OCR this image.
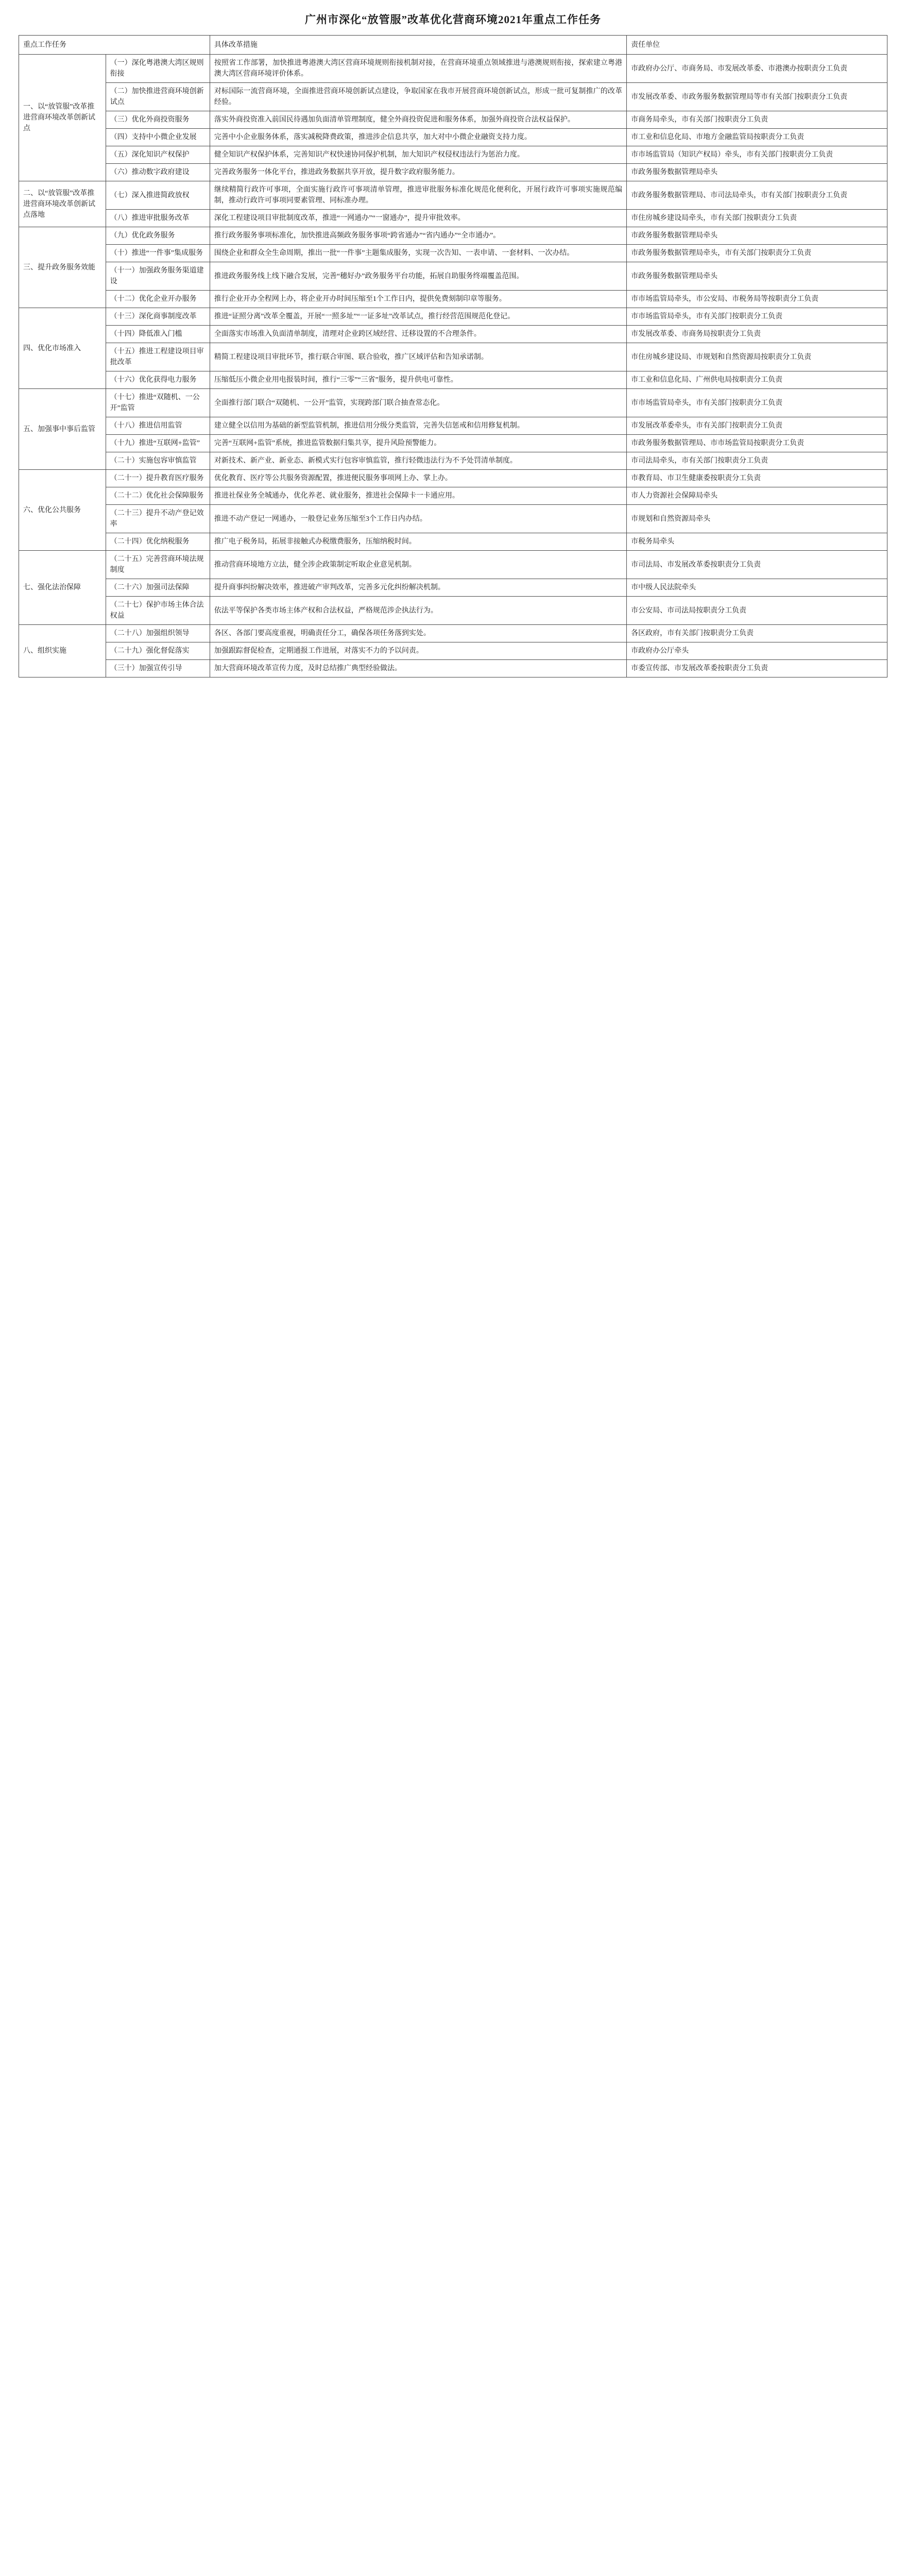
广州市深化“放管服”改革优化营商环境2021年重点工作任务
重点工作任务		具体改革措施	责任单位
一、以“放管服”改革推进营商环境改革创新试点	（一）深化粤港澳大湾区规则衔接	按照省工作部署，加快推进粤港澳大湾区营商环境规则衔接机制对接，在营商环境重点领域推进与港澳规则衔接，探索建立粤港澳大湾区营商环境评价体系。	市政府办公厅、市商务局、市发展改革委、市港澳办按职责分工负责
	（二）加快推进营商环境创新试点	对标国际一流营商环境，全面推进营商环境创新试点建设，争取国家在我市开展营商环境创新试点，形成一批可复制推广的改革经验。	市发展改革委、市政务服务数据管理局等市有关部门按职责分工负责
	（三）优化外商投资服务	落实外商投资准入前国民待遇加负面清单管理制度，健全外商投资促进和服务体系，加强外商投资合法权益保护。	市商务局牵头，市有关部门按职责分工负责
	（四）支持中小微企业发展	完善中小企业服务体系，落实减税降费政策，推进涉企信息共享，加大对中小微企业融资支持力度。	市工业和信息化局、市地方金融监管局按职责分工负责
	（五）深化知识产权保护	健全知识产权保护体系，完善知识产权快速协同保护机制，加大知识产权侵权违法行为惩治力度。	市市场监管局（知识产权局）牵头，市有关部门按职责分工负责
	（六）推动数字政府建设	完善政务服务一体化平台，推进政务数据共享开放，提升数字政府服务能力。	市政务服务数据管理局牵头
二、以“放管服”改革推进营商环境改革创新试点落地	（七）深入推进简政放权	继续精简行政许可事项，全面实施行政许可事项清单管理，推进审批服务标准化规范化便利化，开展行政许可事项实施规范编制，推动行政许可事项同要素管理、同标准办理。	市政务服务数据管理局、市司法局牵头，市有关部门按职责分工负责
	（八）推进审批服务改革	深化工程建设项目审批制度改革，推进“一网通办”“一窗通办”，提升审批效率。	市住房城乡建设局牵头，市有关部门按职责分工负责
三、提升政务服务效能	（九）优化政务服务	推行政务服务事项标准化，加快推进高频政务服务事项“跨省通办”“省内通办”“全市通办”。	市政务服务数据管理局牵头
	（十）推进“一件事”集成服务	围绕企业和群众全生命周期，推出一批“一件事”主题集成服务，实现一次告知、一表申请、一套材料、一次办结。	市政务服务数据管理局牵头，市有关部门按职责分工负责
	（十一）加强政务服务渠道建设	推进政务服务线上线下融合发展，完善“穗好办”政务服务平台功能，拓展自助服务终端覆盖范围。	市政务服务数据管理局牵头
	（十二）优化企业开办服务	推行企业开办全程网上办，将企业开办时间压缩至1个工作日内，提供免费刻制印章等服务。	市市场监管局牵头，市公安局、市税务局等按职责分工负责
四、优化市场准入	（十三）深化商事制度改革	推进“证照分离”改革全覆盖，开展“一照多址”“一证多址”改革试点，推行经营范围规范化登记。	市市场监管局牵头，市有关部门按职责分工负责
	（十四）降低准入门槛	全面落实市场准入负面清单制度，清理对企业跨区域经营、迁移设置的不合理条件。	市发展改革委、市商务局按职责分工负责
	（十五）推进工程建设项目审批改革	精简工程建设项目审批环节，推行联合审图、联合验收，推广区域评估和告知承诺制。	市住房城乡建设局、市规划和自然资源局按职责分工负责
	（十六）优化获得电力服务	压缩低压小微企业用电报装时间，推行“三零”“三省”服务，提升供电可靠性。	市工业和信息化局、广州供电局按职责分工负责
五、加强事中事后监管	（十七）推进“双随机、一公开”监管	全面推行部门联合“双随机、一公开”监管，实现跨部门联合抽查常态化。	市市场监管局牵头，市有关部门按职责分工负责
	（十八）推进信用监管	建立健全以信用为基础的新型监管机制，推进信用分级分类监管，完善失信惩戒和信用修复机制。	市发展改革委牵头，市有关部门按职责分工负责
	（十九）推进“互联网+监管”	完善“互联网+监管”系统，推进监管数据归集共享，提升风险预警能力。	市政务服务数据管理局、市市场监管局按职责分工负责
	（二十）实施包容审慎监管	对新技术、新产业、新业态、新模式实行包容审慎监管，推行轻微违法行为不予处罚清单制度。	市司法局牵头，市有关部门按职责分工负责
六、优化公共服务	（二十一）提升教育医疗服务	优化教育、医疗等公共服务资源配置，推进便民服务事项网上办、掌上办。	市教育局、市卫生健康委按职责分工负责
	（二十二）优化社会保障服务	推进社保业务全城通办，优化养老、就业服务，推进社会保障卡一卡通应用。	市人力资源社会保障局牵头
	（二十三）提升不动产登记效率	推进不动产登记一网通办，一般登记业务压缩至3个工作日内办结。	市规划和自然资源局牵头
	（二十四）优化纳税服务	推广电子税务局，拓展非接触式办税缴费服务，压缩纳税时间。	市税务局牵头
七、强化法治保障	（二十五）完善营商环境法规制度	推动营商环境地方立法，健全涉企政策制定听取企业意见机制。	市司法局、市发展改革委按职责分工负责
	（二十六）加强司法保障	提升商事纠纷解决效率，推进破产审判改革，完善多元化纠纷解决机制。	市中级人民法院牵头
	（二十七）保护市场主体合法权益	依法平等保护各类市场主体产权和合法权益，严格规范涉企执法行为。	市公安局、市司法局按职责分工负责
八、组织实施	（二十八）加强组织领导	各区、各部门要高度重视，明确责任分工，确保各项任务落到实处。	各区政府，市有关部门按职责分工负责
	（二十九）强化督促落实	加强跟踪督促检查，定期通报工作进展，对落实不力的予以问责。	市政府办公厅牵头
	（三十）加强宣传引导	加大营商环境改革宣传力度，及时总结推广典型经验做法。	市委宣传部、市发展改革委按职责分工负责
